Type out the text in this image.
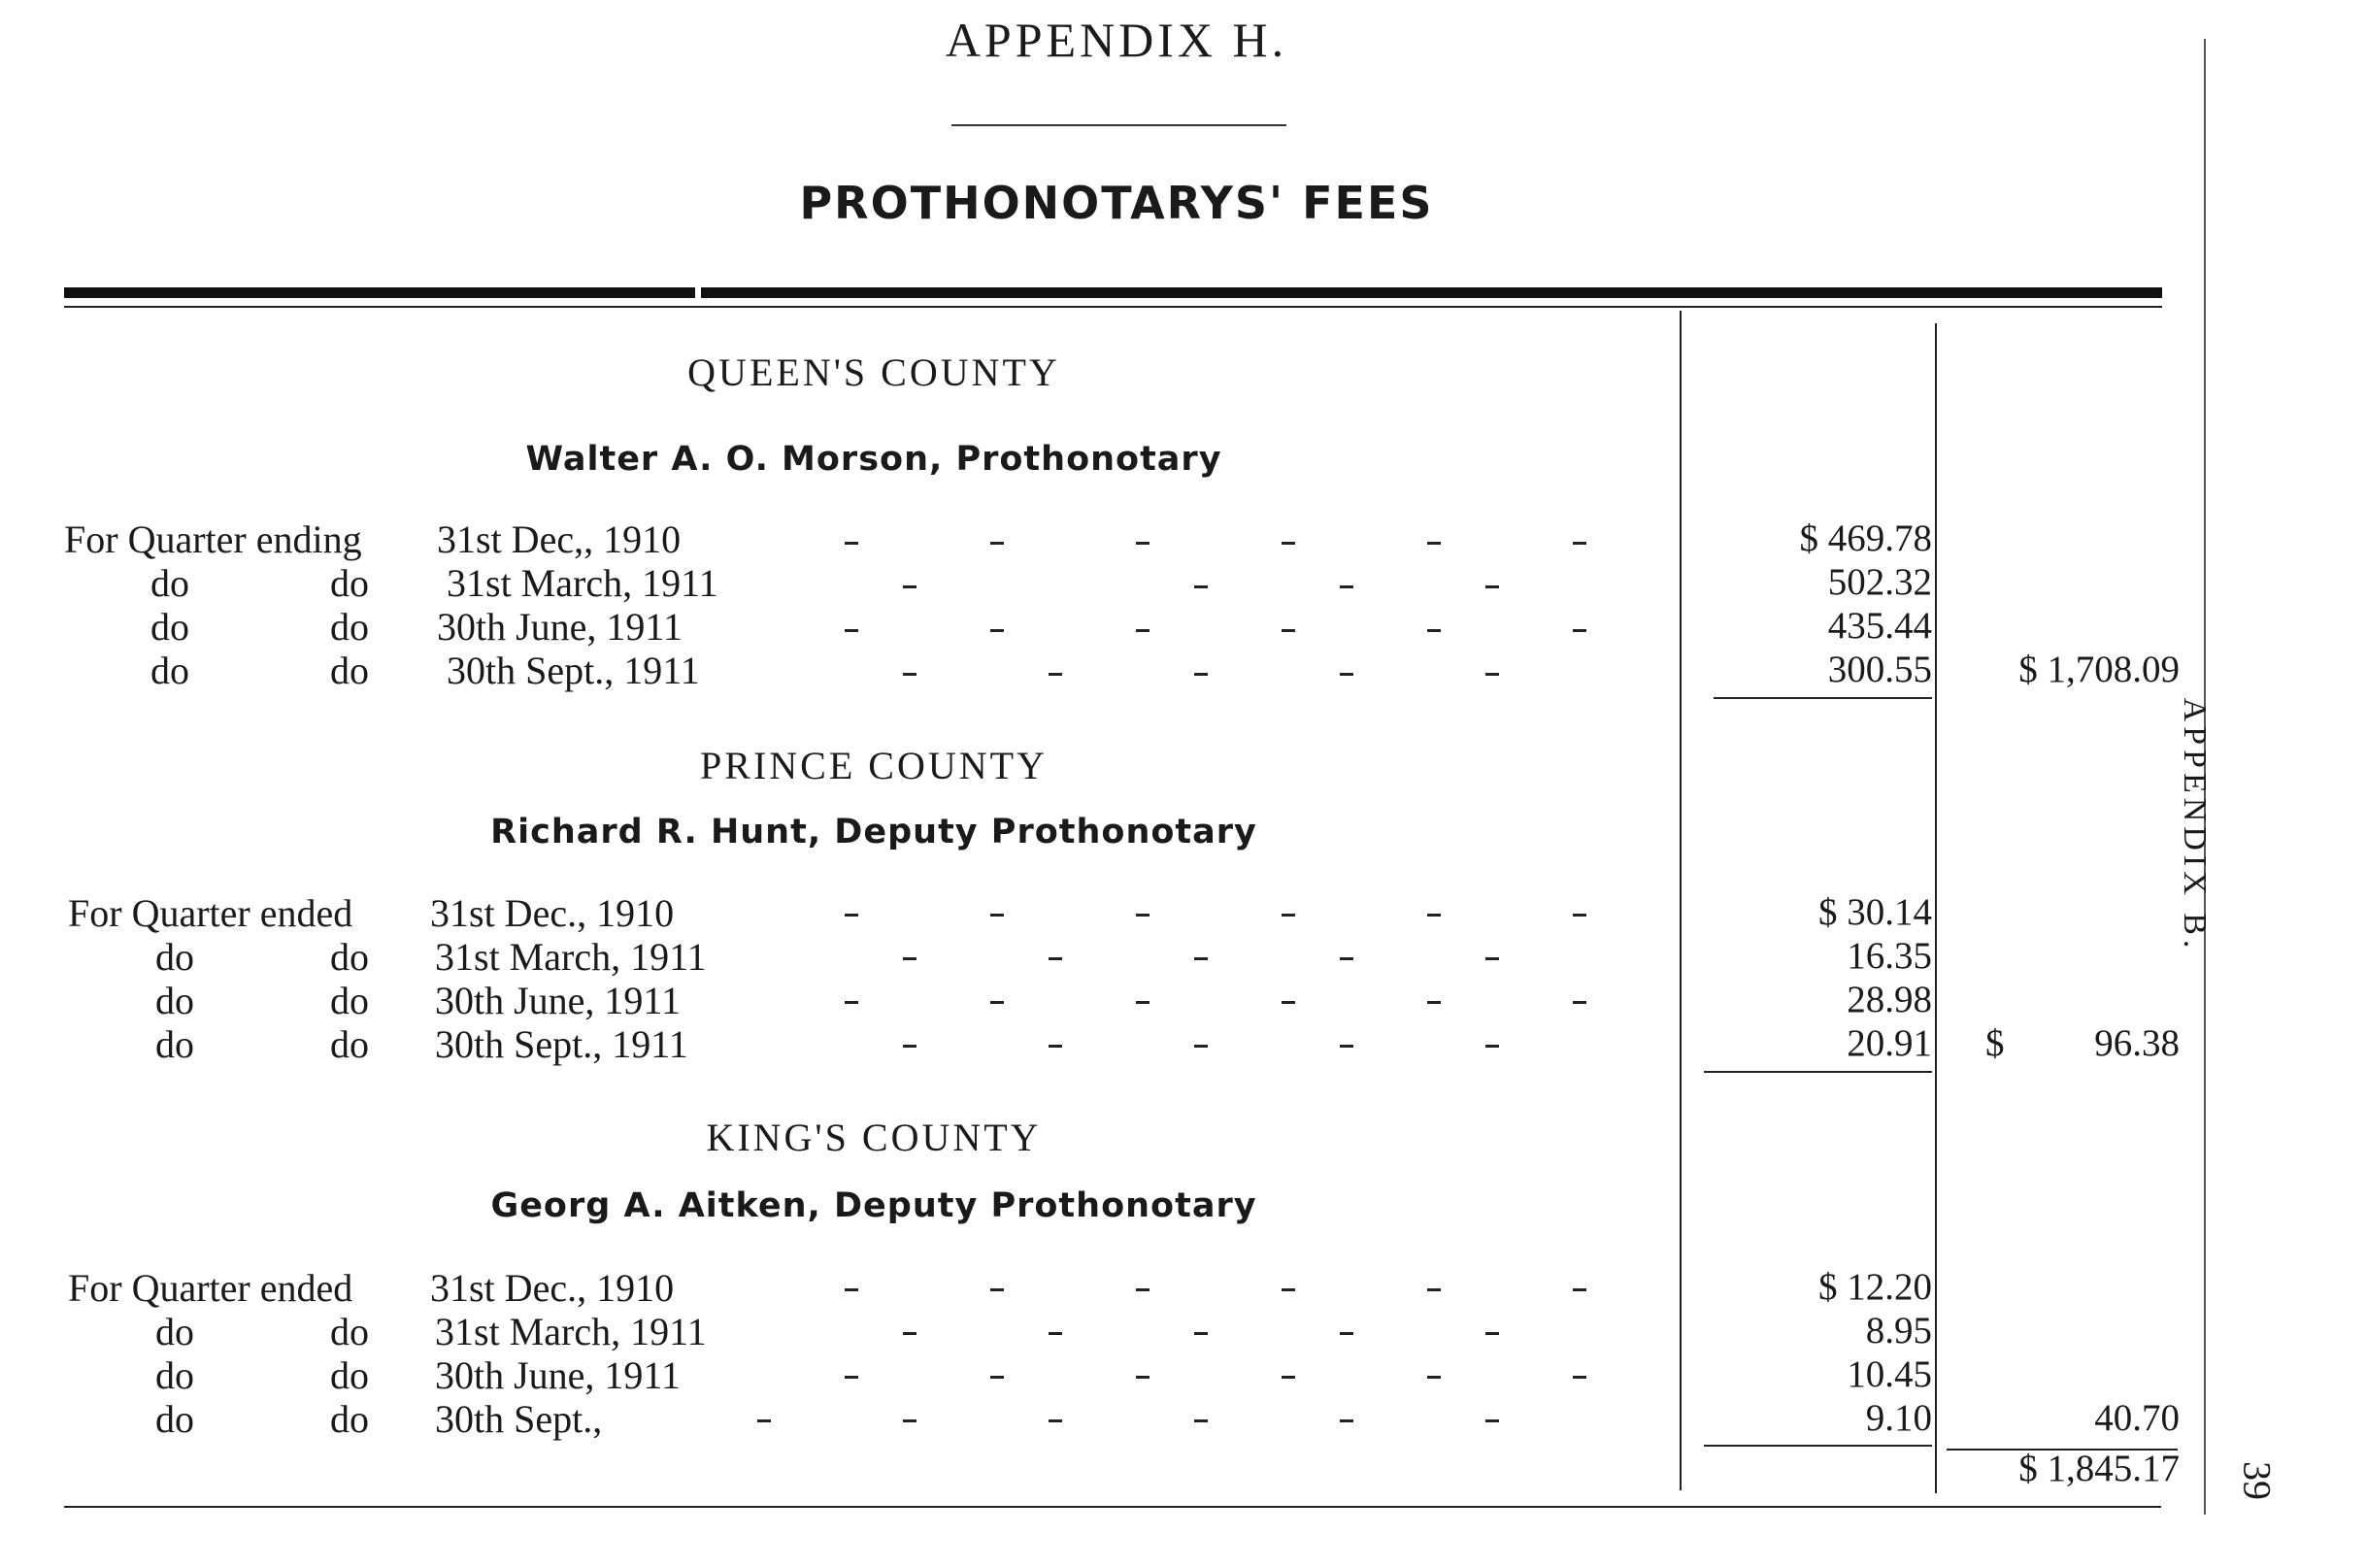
APPENDIX H.
PROTHONOTARYS' FEES
QUEEN'S COUNTY
Walter A. O. Morson, Prothonotary
For Quarter ending 31st Dec,, 1910	$ 469.78
do	do 31st March, 1911	502.32
do	do 30th June, 1911	435.44
do	do 30th Sept., 1911	300.55	$ 1,708.09
PRINCE COUNTY
Richard R. Hunt, Deputy Prothonotary
For Quarter ended 31st Dec., 1910	$ 30.14
do	do 31st March, 1911	16.35
do	do 30th June, 1911	28.98
do	do 30th Sept., 1911	20.91 $	96.38
KING'S COUNTY
Georg A. Aitken, Deputy Prothonotary
For Quarter ended 31st Dec., 1910	$ 12.20
do	do 31st March, 1911	8.95
do	do 30th June, 1911	10.45
do	do 30th Sept.,	9.10	40.70
$ 1,845.17
APPENDIX B.
39
